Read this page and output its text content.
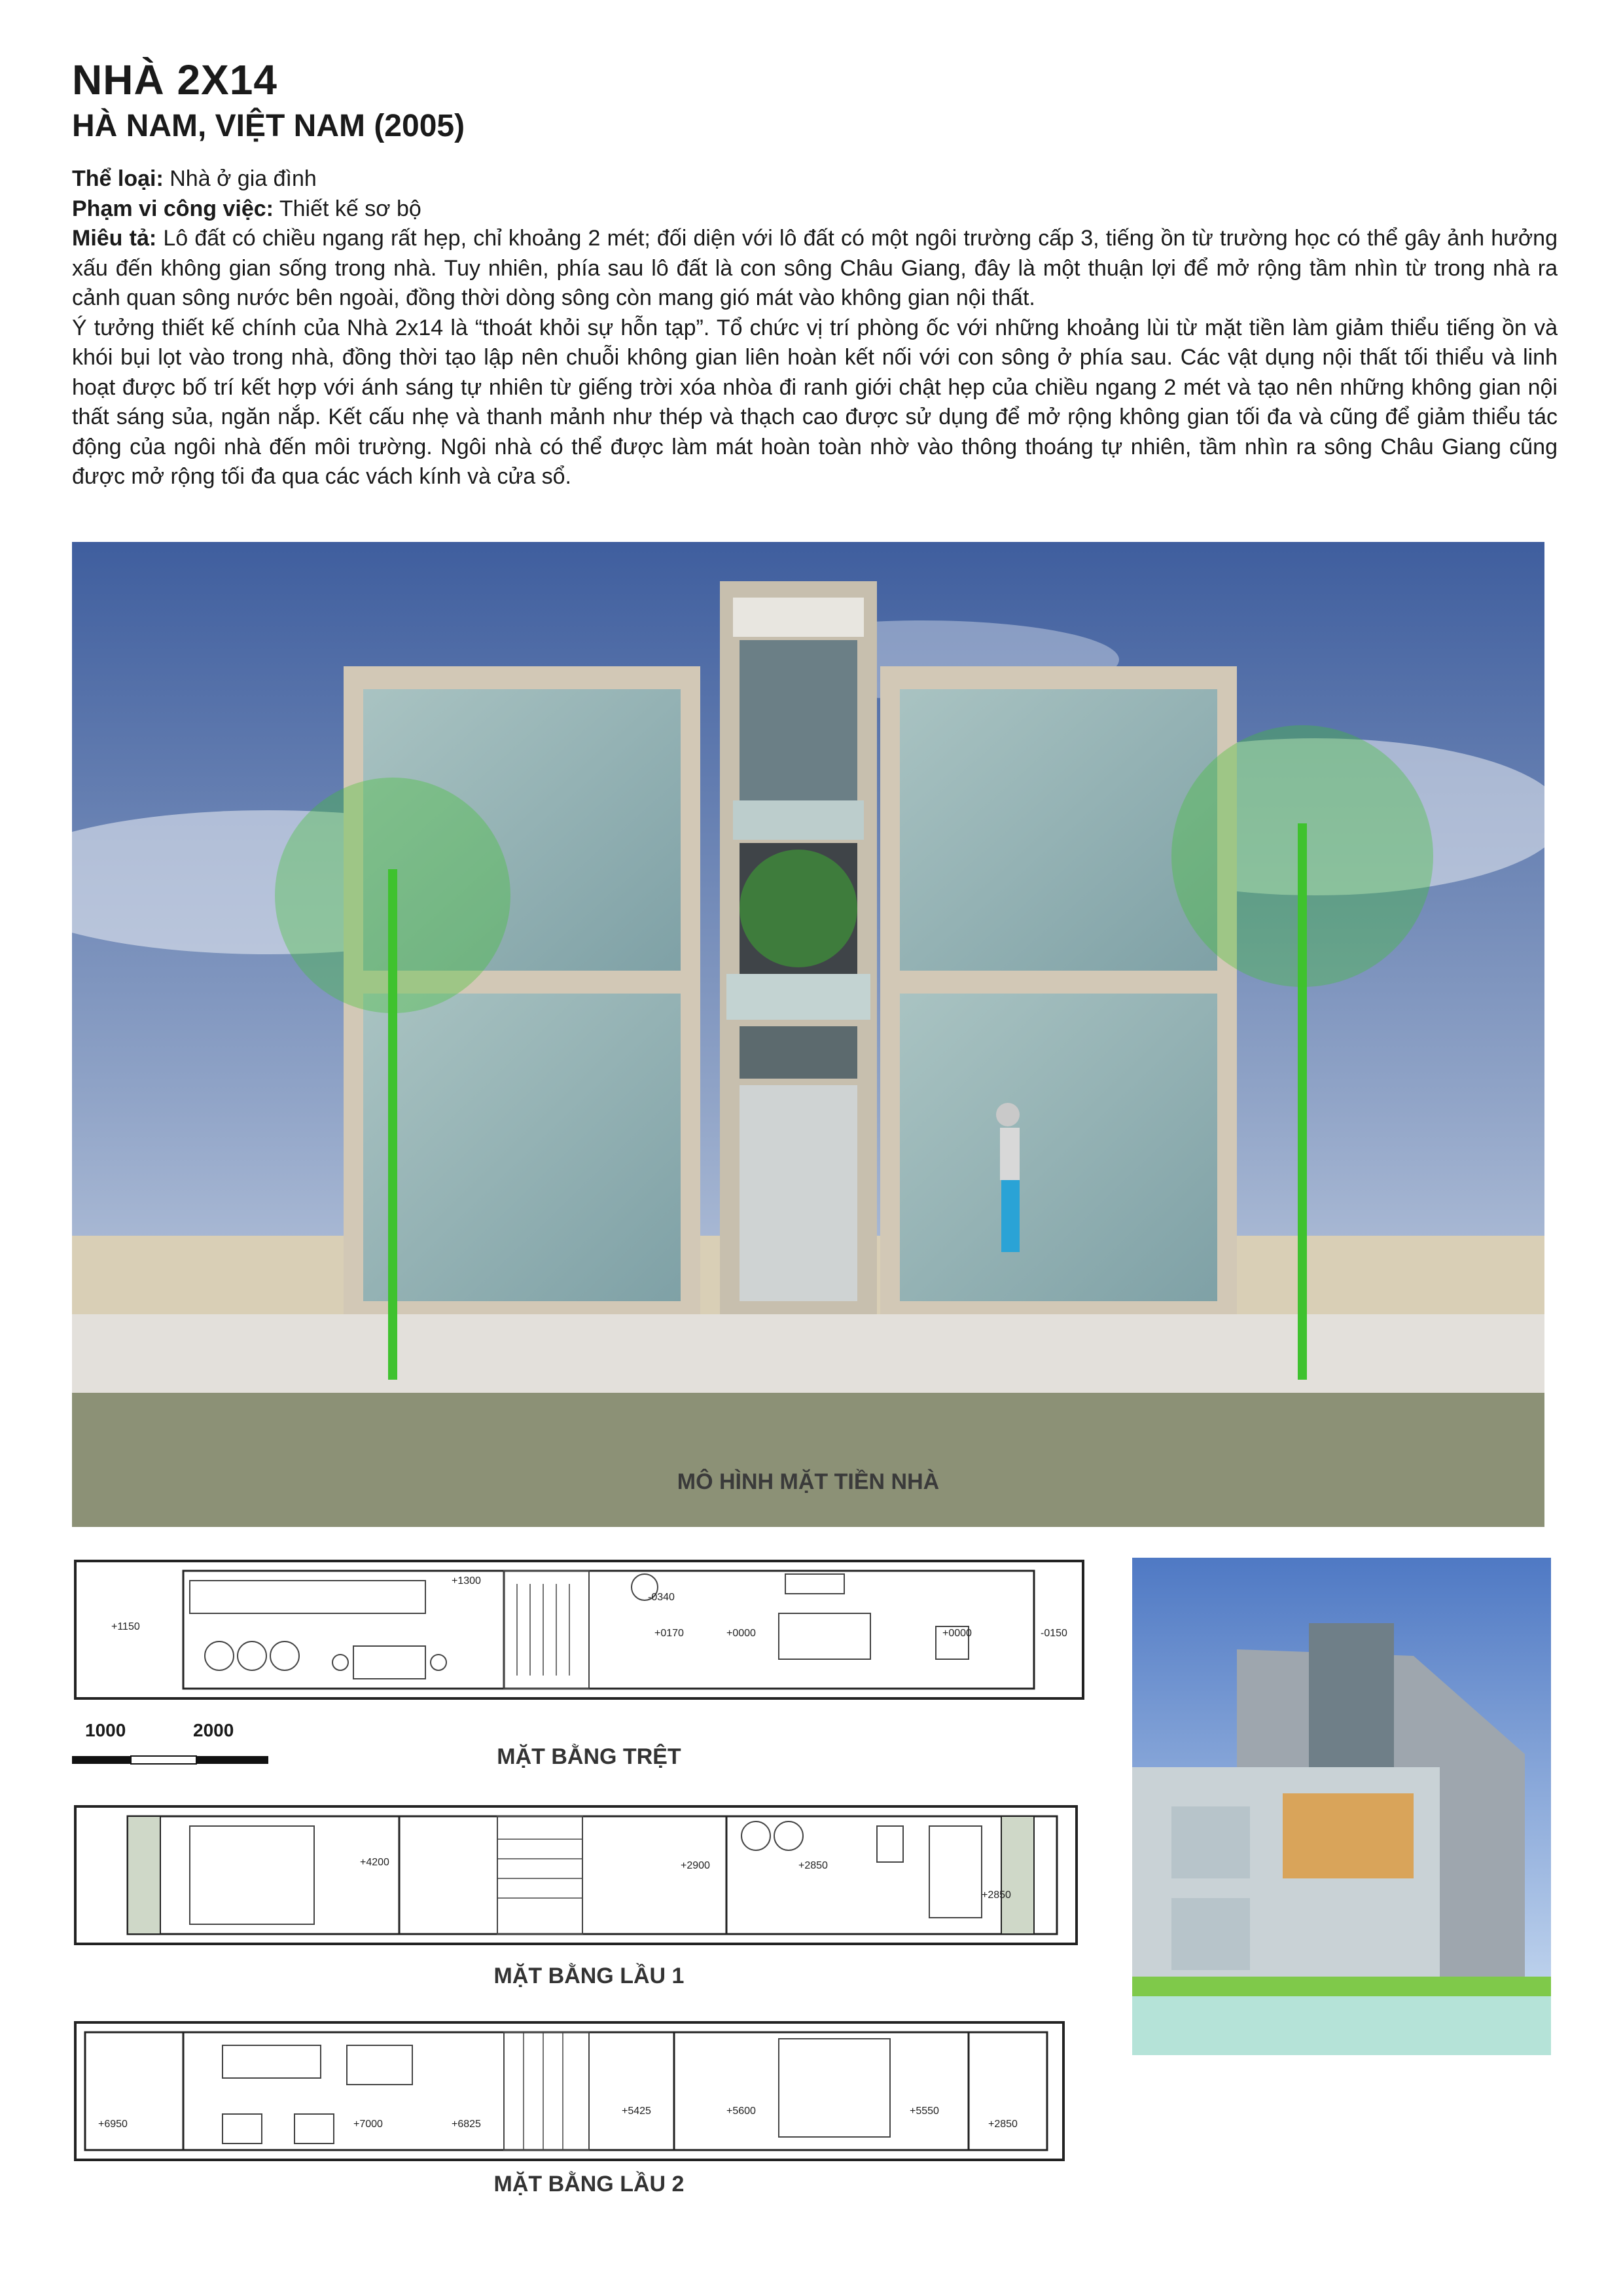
NHÀ 2X14
HÀ NAM, VIỆT NAM (2005)
Thể loại: Nhà ở gia đình
Phạm vi công việc: Thiết kế sơ bộ
Miêu tả: Lô đất có chiều ngang rất hẹp, chỉ khoảng 2 mét; đối diện với lô đất có một ngôi trường cấp 3, tiếng ồn từ trường học có thể gây ảnh hưởng xấu đến không gian sống trong nhà. Tuy nhiên, phía sau lô đất là con sông Châu Giang, đây là một thuận lợi để mở rộng tầm nhìn từ trong nhà ra cảnh quan sông nước bên ngoài, đồng thời dòng sông còn mang gió mát vào không gian nội thất.
Ý tưởng thiết kế chính của Nhà 2x14 là “thoát khỏi sự hỗn tạp”. Tổ chức vị trí phòng ốc với những khoảng lùi từ mặt tiền làm giảm thiểu tiếng ồn và khói bụi lọt vào trong nhà, đồng thời tạo lập nên chuỗi không gian liên hoàn kết nối với con sông ở phía sau. Các vật dụng nội thất tối thiểu và linh hoạt được bố trí kết hợp với ánh sáng tự nhiên từ giếng trời xóa nhòa đi ranh giới chật hẹp của chiều ngang 2 mét và tạo nên những không gian nội thất sáng sủa, ngăn nắp. Kết cấu nhẹ và thanh mảnh như thép và thạch cao được sử dụng để mở rộng không gian tối đa và cũng để giảm thiểu tác động của ngôi nhà đến môi trường. Ngôi nhà có thể được làm mát hoàn toàn nhờ vào thông thoáng tự nhiên, tầm nhìn ra sông Châu Giang cũng được mở rộng tối đa qua các vách kính và cửa sổ.
MÔ HÌNH MẶT TIỀN NHÀ
+1150
+1300
-0340
+0170	+0000	+0000	-0150
1000	2000
MẶT BẰNG TRỆT
+4200	+2900	+2850
+2850
MẶT BẰNG LẦU 1
+6950	+7000	+6825
+5425	+5600	+5550
+2850
MẶT BẰNG LẦU 2
